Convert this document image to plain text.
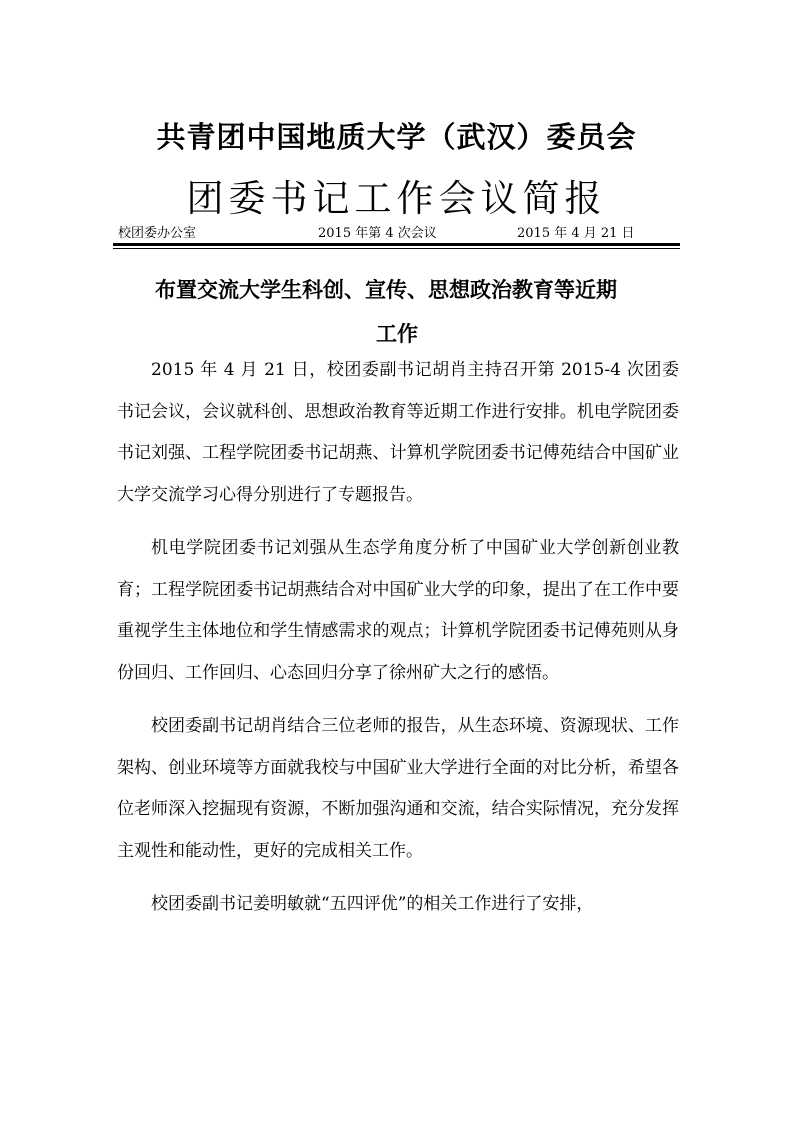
共青团中国地质大学（武汉）委员会
团委书记工作会议简报
校团委办公室	2015 年第 4 次会议	2015 年 4 月 21 日
布置交流大学生科创、宣传、思想政治教育等近期
工作

2015 年 4 月 21 日，校团委副书记胡肖主持召开第 2015-4 次团委书记会议，会议就科创、思想政治教育等近期工作进行安排。机电学院团委书记刘强、工程学院团委书记胡燕、计算机学院团委书记傅苑结合中国矿业大学交流学习心得分别进行了专题报告。

机电学院团委书记刘强从生态学角度分析了中国矿业大学创新创业教育；工程学院团委书记胡燕结合对中国矿业大学的印象，提出了在工作中要重视学生主体地位和学生情感需求的观点；计算机学院团委书记傅苑则从身份回归、工作回归、心态回归分享了徐州矿大之行的感悟。

校团委副书记胡肖结合三位老师的报告，从生态环境、资源现状、工作架构、创业环境等方面就我校与中国矿业大学进行全面的对比分析，希望各位老师深入挖掘现有资源，不断加强沟通和交流，结合实际情况，充分发挥主观性和能动性，更好的完成相关工作。

校团委副书记姜明敏就“五四评优”的相关工作进行了安排，
